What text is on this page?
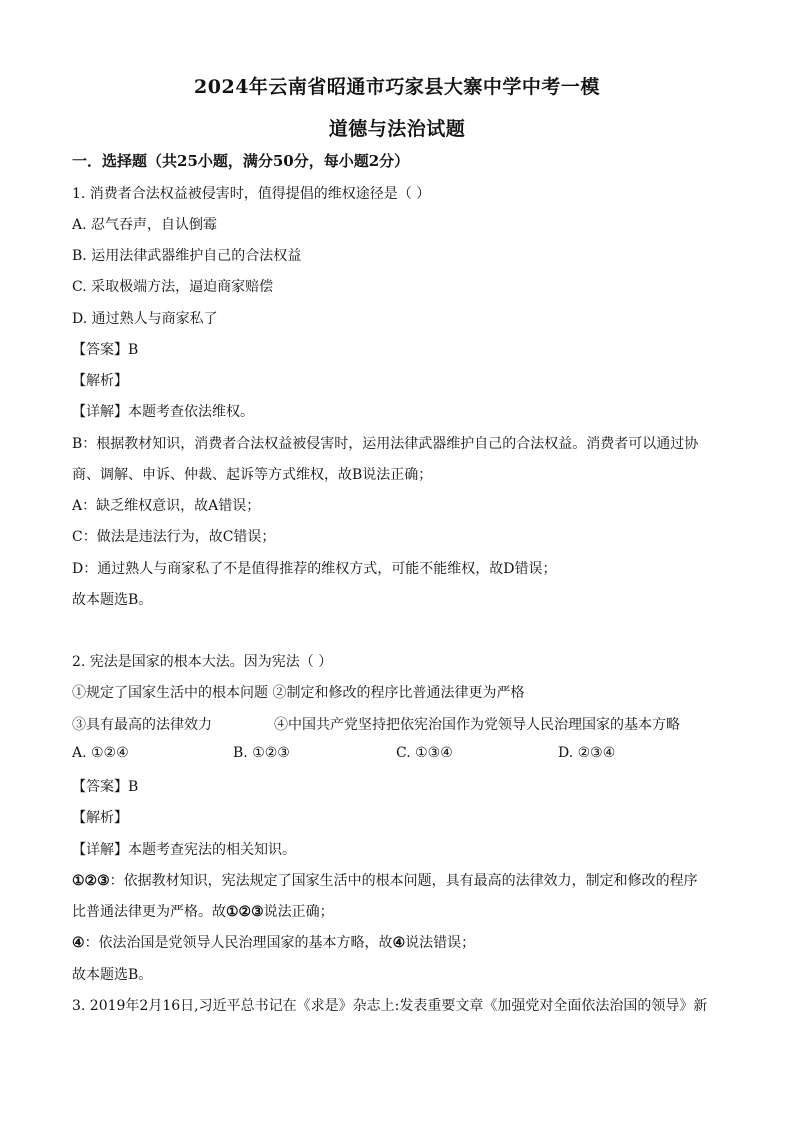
2024年云南省昭通市巧家县大寨中学中考一模
道德与法治试题
一．选择题（共25小题，满分50分，每小题2分）
1. 消费者合法权益被侵害时，值得提倡的维权途径是（ ）
A. 忍气吞声，自认倒霉
B. 运用法律武器维护自己的合法权益
C. 采取极端方法，逼迫商家赔偿
D. 通过熟人与商家私了
【答案】B
【解析】
【详解】本题考查依法维权。
B：根据教材知识，消费者合法权益被侵害时，运用法律武器维护自己的合法权益。消费者可以通过协
商、调解、申诉、仲裁、起诉等方式维权，故B说法正确；
A：缺乏维权意识，故A错误；
C：做法是违法行为，故C错误；
D：通过熟人与商家私了不是值得推荐的维权方式，可能不能维权，故D错误；
故本题选B。
2. 宪法是国家的根本大法。因为宪法（ ）
①规定了国家生活中的根本问题 ②制定和修改的程序比普通法律更为严格
③具有最高的法律效力	④中国共产党坚持把依宪治国作为党领导人民治理国家的基本方略
A. ①②④	B. ①②③	C. ①③④	D. ②③④
【答案】B
【解析】
【详解】本题考查宪法的相关知识。
①②③：依据教材知识，宪法规定了国家生活中的根本问题，具有最高的法律效力，制定和修改的程序
比普通法律更为严格。故①②③说法正确；
④：依法治国是党领导人民治理国家的基本方略，故④说法错误；
故本题选B。
3. 2019年2月16日,习近平总书记在《求是》杂志上:发表重要文章《加强党对全面依法治国的领导》新
